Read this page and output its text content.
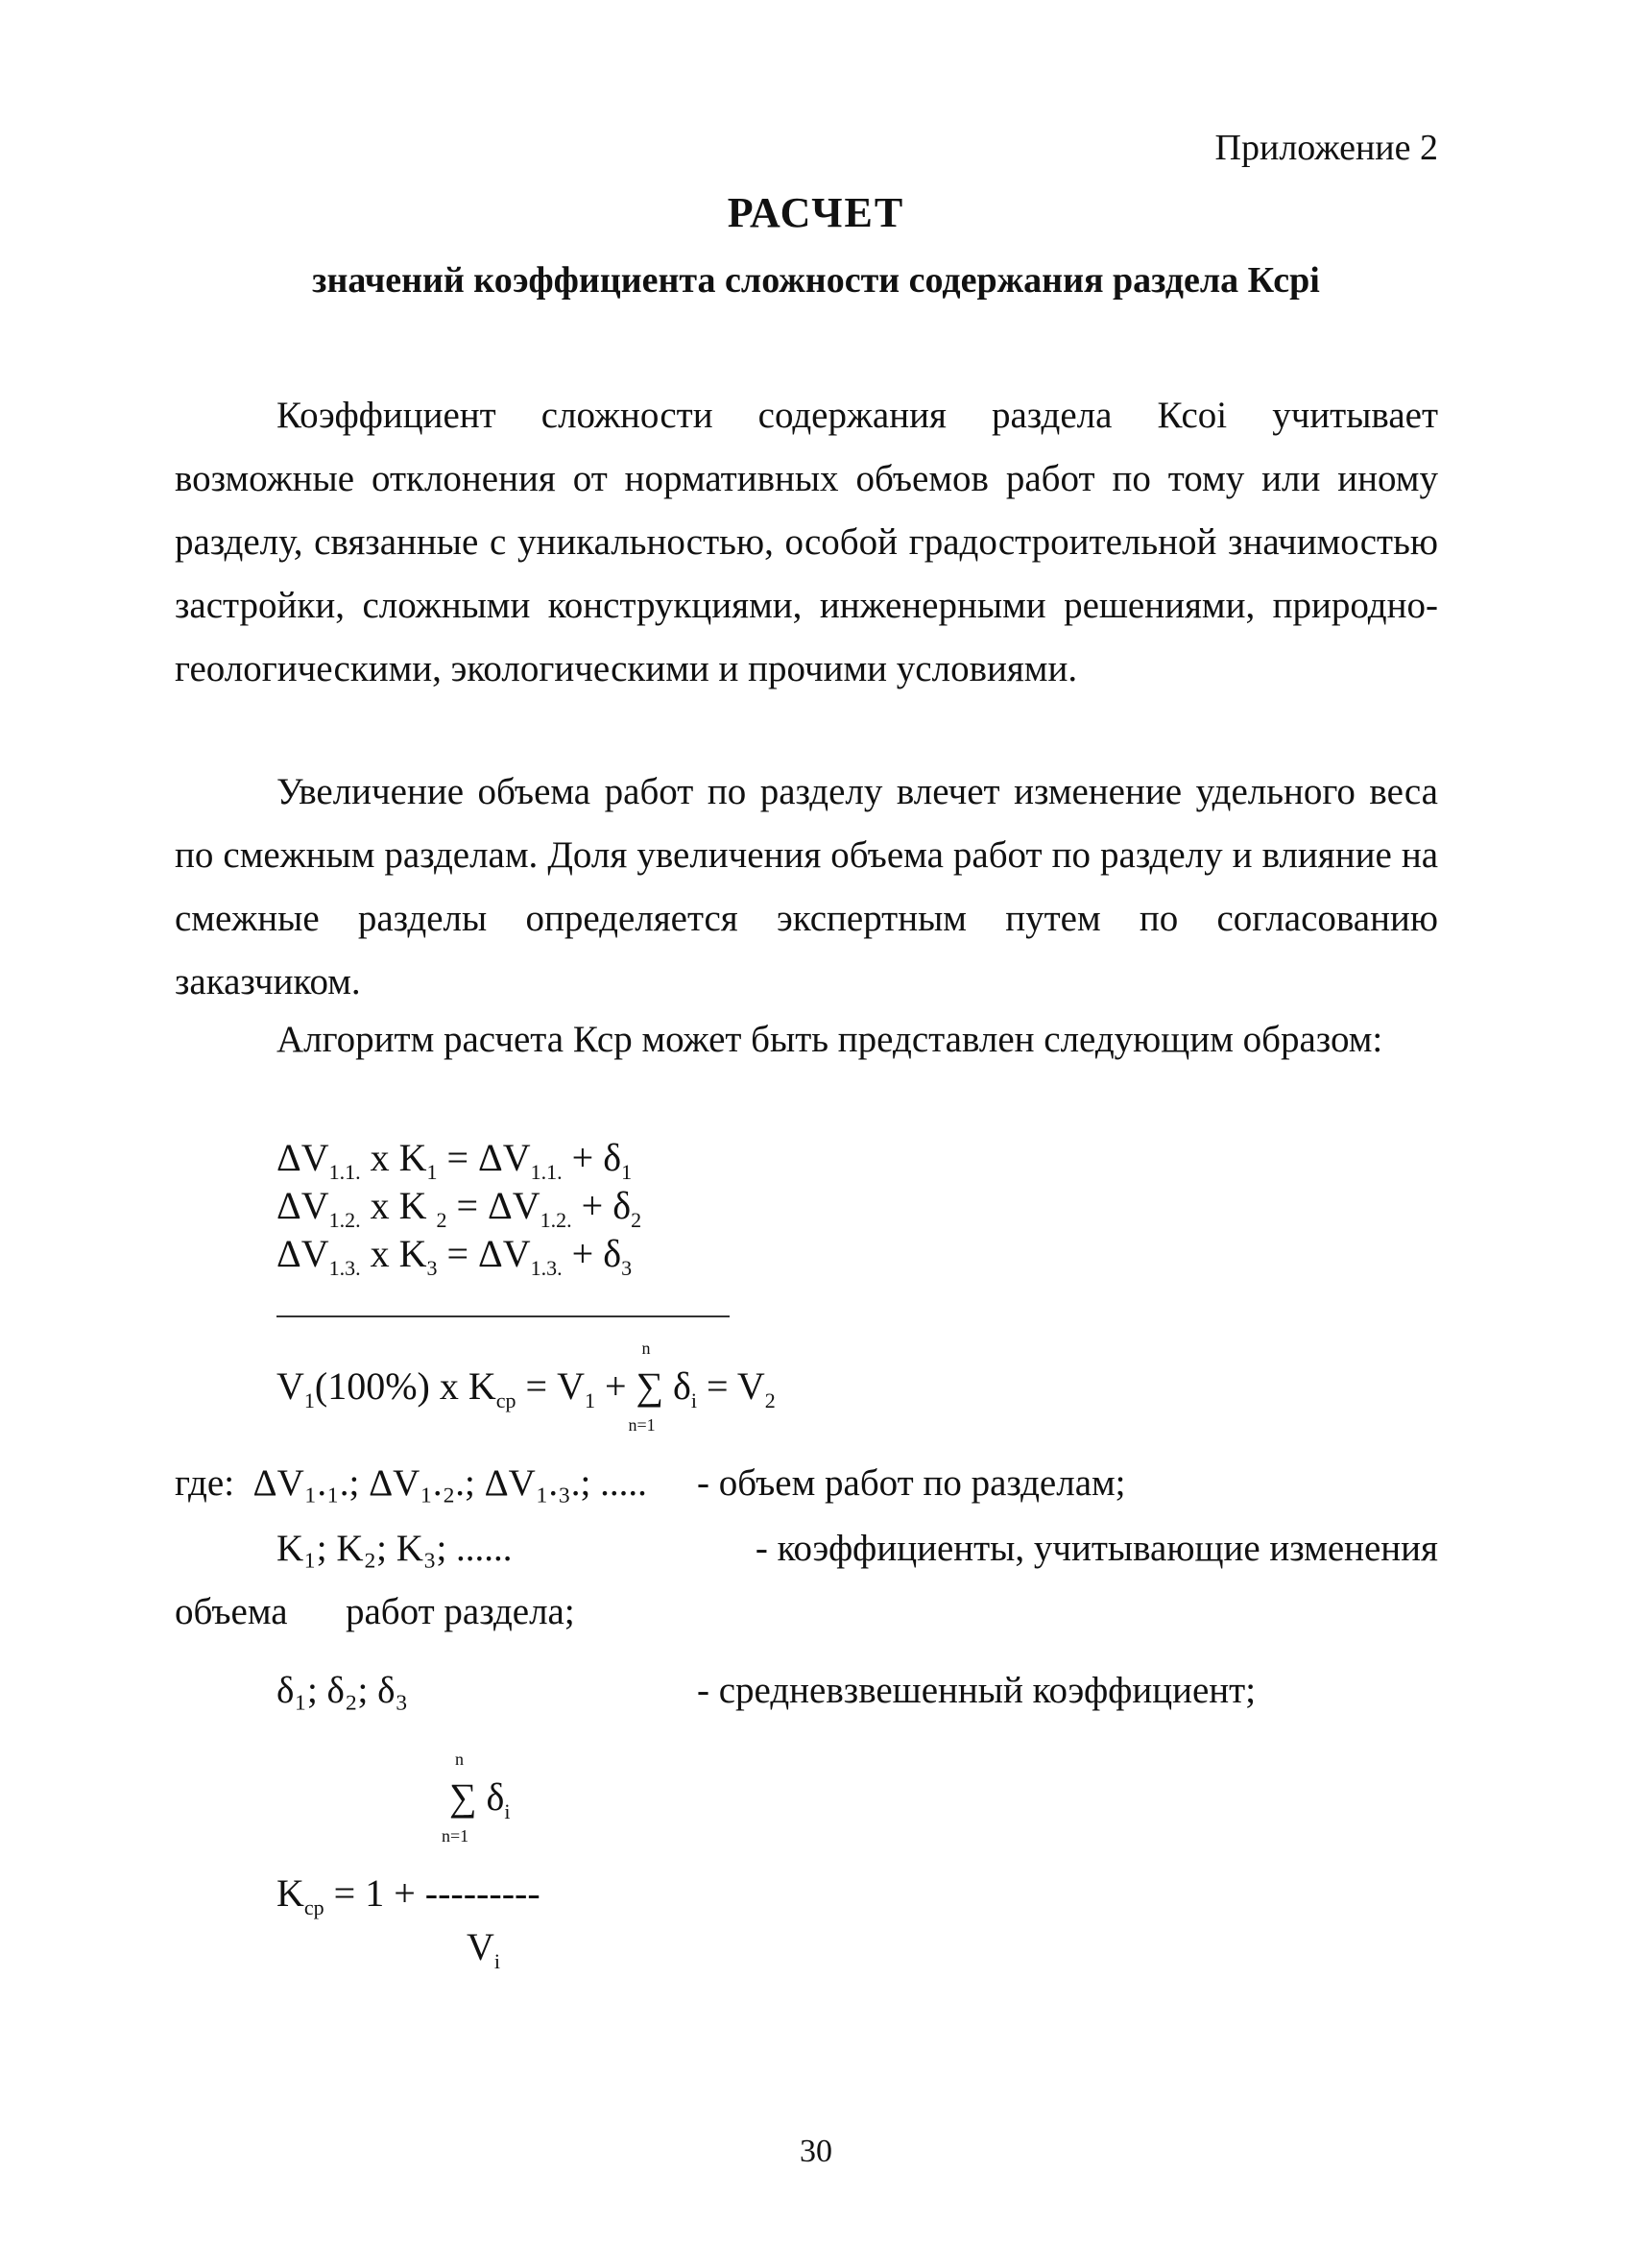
Приложение 2
РАСЧЕТ
значений коэффициента сложности содержания раздела Ксрi
Коэффициент сложности содержания раздела Ксоi учитывает возможные отклонения от нормативных объемов работ по тому или иному разделу, связанные с уникальностью, особой градостроительной значимостью застройки, сложными конструкциями, инженерными решениями, природно-геологическими, экологическими и прочими условиями.
Увеличение объема работ по разделу влечет изменение удельного веса по смежным разделам. Доля увеличения объема работ по разделу и влияние на смежные разделы определяется экспертным путем по согласованию заказчиком.
Алгоритм расчета Кср может быть представлен следующим образом:
$\Delta V_{1.1.}$ x $K_1 = \Delta V_{1.1.} + \delta_1$
$\Delta V_{1.2.}$ x K $_2 = \Delta V_{1.2.} + \delta_2$
$\Delta V_{1.3.}$ x $K_3 = \Delta V_{1.3.} + \delta_3$
$V_1(100\%)$ x $K_{ср} = V_1$ +
n
∑
n=1
$\delta_i = V_2$
где: ΔV₁.₁.; ΔV₁.₂.; ΔV₁.₃.; ..... - объем работ по разделам;
K₁; K₂; K₃; ......	- коэффициенты, учитывающие изменения
объема работ раздела;
δ₁; δ₂; δ₃	- средневзвешенный коэффициент;
n
∑
n=1
$\delta_i$
$K_{ср} = 1$ + ---------
$V_i$
30
